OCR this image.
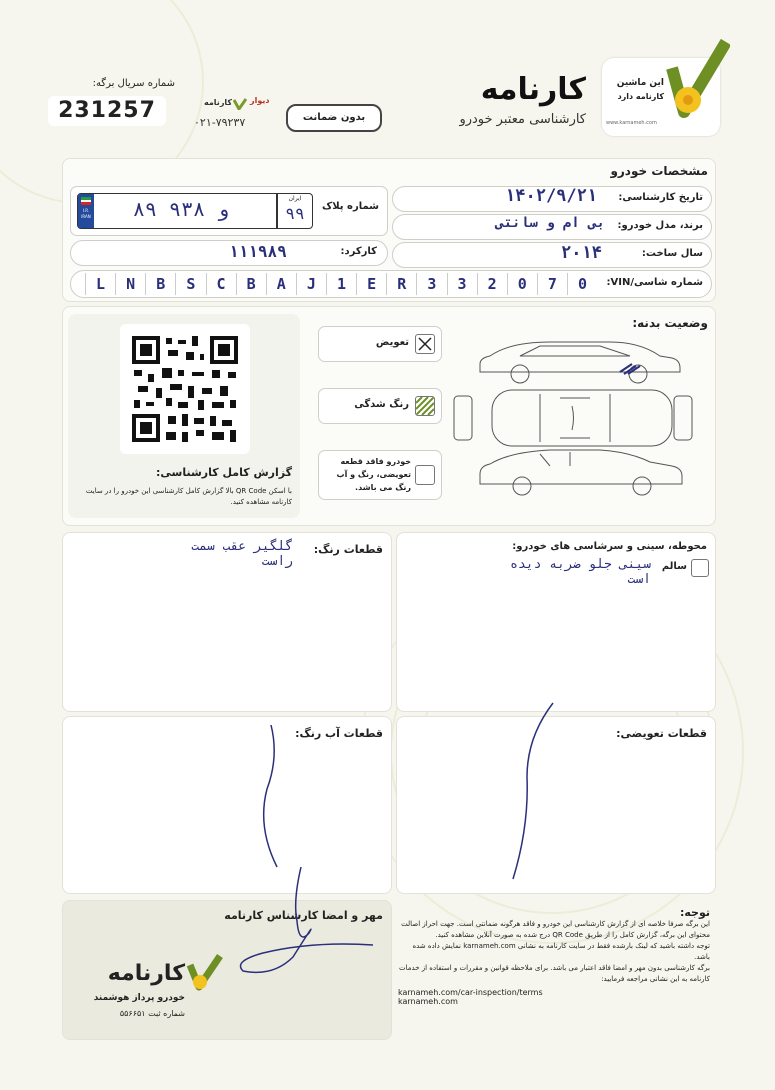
شماره سریال برگه:
231257	کارنامه دیوار
۰۲۱-۷۹۲۳۷	بدون ضمانت
کارنامه
کارشناسی معتبر خودرو
این ماشین
کارنامه دارد
www.karnameh.com
مشخصات خودرو
شماره پلاک
I.R. IRAN	۸۹ و ۹۳۸	ایران
۹۹
تاریخ کارشناسی:
۱۴۰۲/۹/۲۱
برند، مدل خودرو:
بی ام و سانتی
کارکرد:
۱۱۱۹۸۹	سال ساخت:
۲۰۱۴
شماره شاسی/VIN:
L	N	B	S	C	B	A	J	1	E	R	3	3	2	0	7	0
وضعیت بدنه:
گزارش کامل کارشناسی:
با اسکن QR Code بالا گزارش کامل کارشناسی این خودرو را در سایت کارنامه مشاهده کنید.
تعویض
رنگ شدگی
خودرو فاقد قطعه تعویضی، رنگ و آب رنگ می باشد.
قطعات رنگ:
گلگیر عقب سمت راست
محوطه، سینی و سرشاسی های خودرو:
سالم
سینی جلو ضربه دیده است
قطعات آب رنگ:	قطعات تعویضی:
مهر و امضا کارشناس کارنامه
کارنامه
خودرو پرداز هوشمند
شماره ثبت ۵۵۶۶۵۱
توجه:
این برگه صرفا خلاصه ای از گزارش کارشناسی این خودرو و فاقد هرگونه ضمانتی است. جهت احراز اصالت محتوای این برگه، گزارش کامل را از طریق QR Code درج شده به صورت آنلاین مشاهده کنید.
توجه داشته باشید که لینک بارشده فقط در سایت کارنامه به نشانی karnameh.com نمایش داده شده باشد.
برگه کارشناسی بدون مهر و امضا فاقد اعتبار می باشد. برای ملاحظه قوانین و مقررات و استفاده از خدمات کارنامه به این نشانی مراجعه فرمایید:
karnameh.com/car-inspection/terms
karnameh.com
